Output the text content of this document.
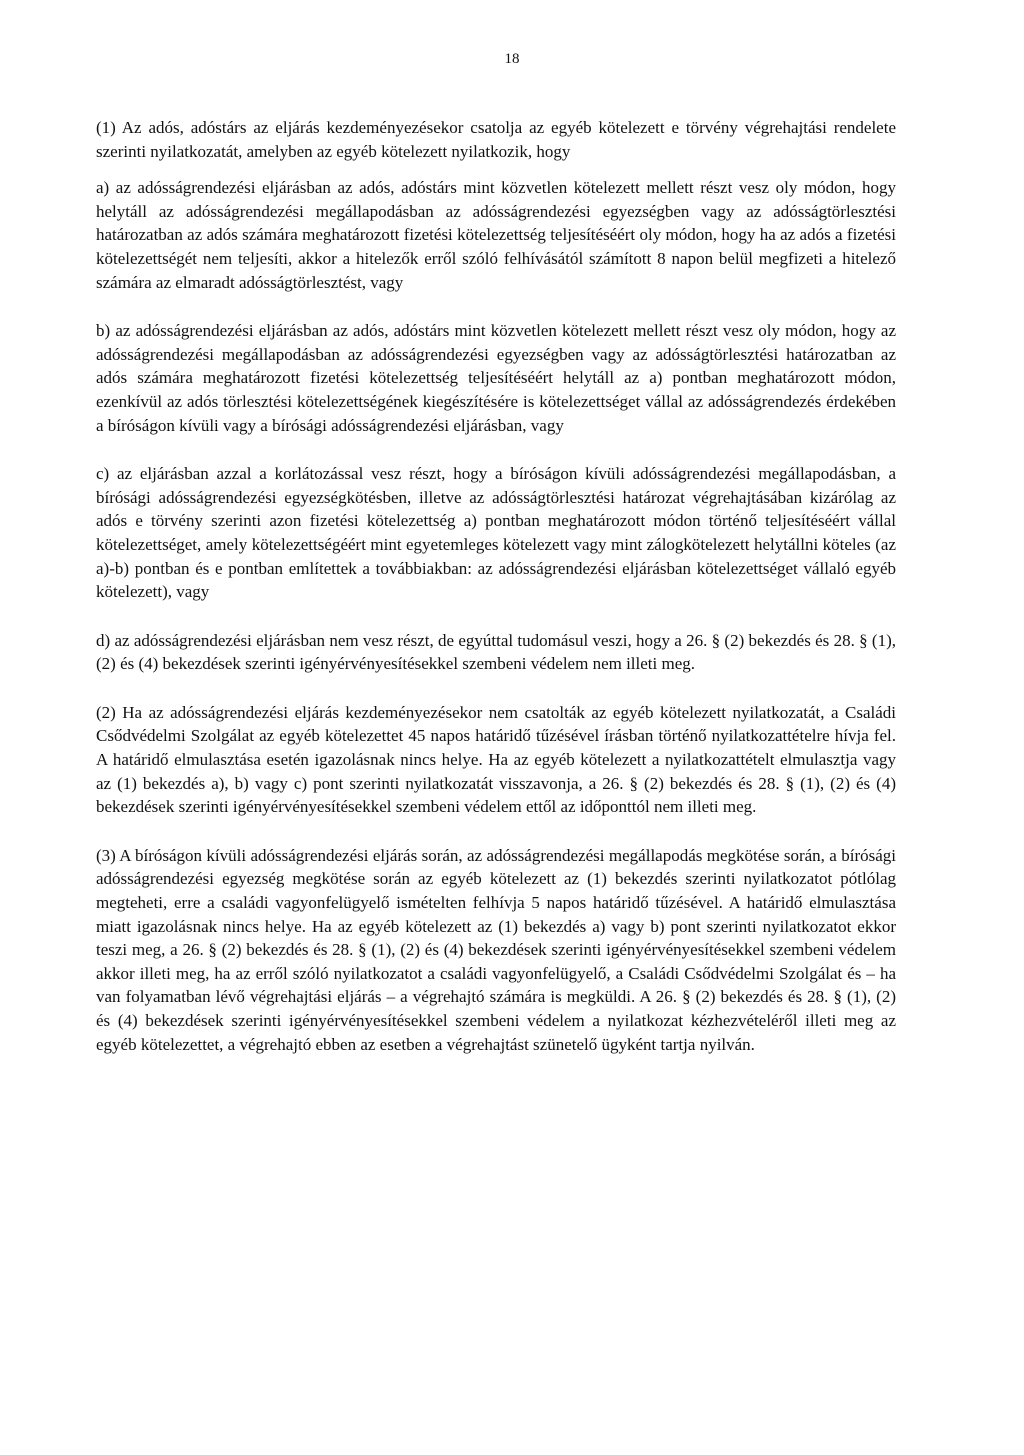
18

(1) Az adós, adóstárs az eljárás kezdeményezésekor csatolja az egyéb kötelezett e törvény végrehajtási rendelete szerinti nyilatkozatát, amelyben az egyéb kötelezett nyilatkozik, hogy

a) az adósságrendezési eljárásban az adós, adóstárs mint közvetlen kötelezett mellett részt vesz oly módon, hogy helytáll az adósságrendezési megállapodásban az adósságrendezési egyezségben vagy az adósságtörlesztési határozatban az adós számára meghatározott fizetési kötelezettség teljesítéséért oly módon, hogy ha az adós a fizetési kötelezettségét nem teljesíti, akkor a hitelezők erről szóló felhívásától számított 8 napon belül megfizeti a hitelező számára az elmaradt adósságtörlesztést, vagy

b) az adósságrendezési eljárásban az adós, adóstárs mint közvetlen kötelezett mellett részt vesz oly módon, hogy az adósságrendezési megállapodásban az adósságrendezési egyezségben vagy az adósságtörlesztési határozatban az adós számára meghatározott fizetési kötelezettség teljesítéséért helytáll az a) pontban meghatározott módon, ezenkívül az adós törlesztési kötelezettségének kiegészítésére is kötelezettséget vállal az adósságrendezés érdekében a bíróságon kívüli vagy a bírósági adósságrendezési eljárásban, vagy

c) az eljárásban azzal a korlátozással vesz részt, hogy a bíróságon kívüli adósságrendezési megállapodásban, a bírósági adósságrendezési egyezségkötésben, illetve az adósságtörlesztési határozat végrehajtásában kizárólag az adós e törvény szerinti azon fizetési kötelezettség a) pontban meghatározott módon történő teljesítéséért vállal kötelezettséget, amely kötelezettségéért mint egyetemleges kötelezett vagy mint zálogkötelezett helytállni köteles (az a)-b) pontban és e pontban említettek a továbbiakban: az adósságrendezési eljárásban kötelezettséget vállaló egyéb kötelezett), vagy

d) az adósságrendezési eljárásban nem vesz részt, de egyúttal tudomásul veszi, hogy a 26. § (2) bekezdés és 28. § (1), (2) és (4) bekezdések szerinti igényérvényesítésekkel szembeni védelem nem illeti meg.

(2) Ha az adósságrendezési eljárás kezdeményezésekor nem csatolták az egyéb kötelezett nyilatkozatát, a Családi Csődvédelmi Szolgálat az egyéb kötelezettet 45 napos határidő tűzésével írásban történő nyilatkozattételre hívja fel. A határidő elmulasztása esetén igazolásnak nincs helye. Ha az egyéb kötelezett a nyilatkozattételt elmulasztja vagy az (1) bekezdés a), b) vagy c) pont szerinti nyilatkozatát visszavonja, a 26. § (2) bekezdés és 28. § (1), (2) és (4) bekezdések szerinti igényérvényesítésekkel szembeni védelem ettől az időponttól nem illeti meg.

(3) A bíróságon kívüli adósságrendezési eljárás során, az adósságrendezési megállapodás megkötése során, a bírósági adósságrendezési egyezség megkötése során az egyéb kötelezett az (1) bekezdés szerinti nyilatkozatot pótlólag megteheti, erre a családi vagyonfelügyelő ismételten felhívja 5 napos határidő tűzésével. A határidő elmulasztása miatt igazolásnak nincs helye. Ha az egyéb kötelezett az (1) bekezdés a) vagy b) pont szerinti nyilatkozatot ekkor teszi meg, a 26. § (2) bekezdés és 28. § (1), (2) és (4) bekezdések szerinti igényérvényesítésekkel szembeni védelem akkor illeti meg, ha az erről szóló nyilatkozatot a családi vagyonfelügyelő, a Családi Csődvédelmi Szolgálat és – ha van folyamatban lévő végrehajtási eljárás – a végrehajtó számára is megküldi. A 26. § (2) bekezdés és 28. § (1), (2) és (4) bekezdések szerinti igényérvényesítésekkel szembeni védelem a nyilatkozat kézhezvételéről illeti meg az egyéb kötelezettet, a végrehajtó ebben az esetben a végrehajtást szünetelő ügyként tartja nyilván.
